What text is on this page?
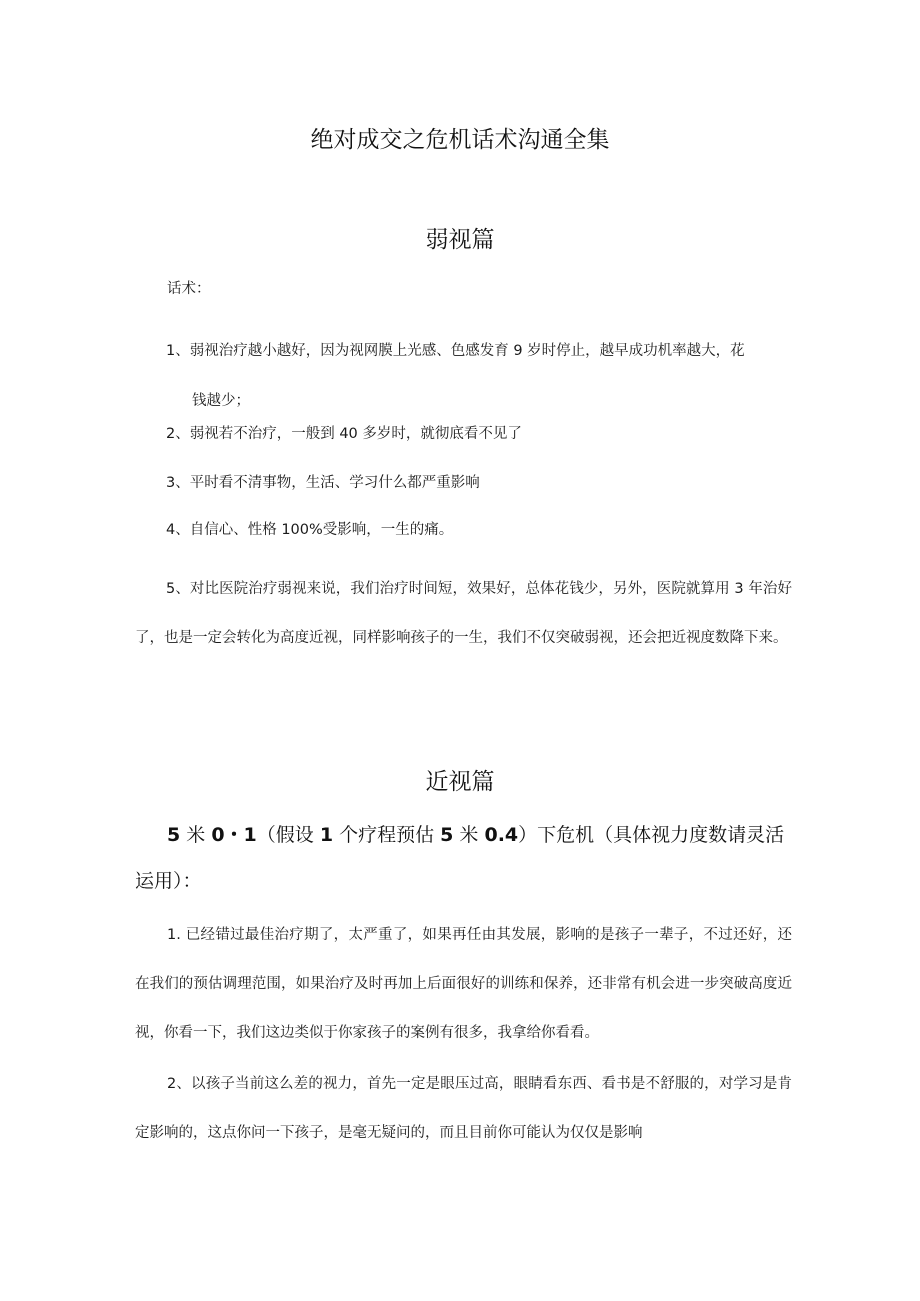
绝对成交之危机话术沟通全集
弱视篇

话术：

1、弱视治疗越小越好，因为视网膜上光感、色感发育 9 岁时停止，越早成功机率越大，花
钱越少；

2、弱视若不治疗，一般到 40 多岁时，就彻底看不见了

3、平时看不清事物，生活、学习什么都严重影响

4、自信心、性格 100%受影响，一生的痛。

5、对比医院治疗弱视来说，我们治疗时间短，效果好，总体花钱少，另外，医院就算用 3 年治好了，也是一定会转化为高度近视，同样影响孩子的一生，我们不仅突破弱视，还会把近视度数降下来。

近视篇
5 米 0・1（假设 1 个疗程预估 5 米 0.4）下危机（具体视力度数请灵活运用）：

1. 已经错过最佳治疗期了，太严重了，如果再任由其发展，影响的是孩子一辈子，不过还好，还在我们的预估调理范围，如果治疗及时再加上后面很好的训练和保养，还非常有机会进一步突破高度近视，你看一下，我们这边类似于你家孩子的案例有很多，我拿给你看看。

2、以孩子当前这么差的视力，首先一定是眼压过高，眼睛看东西、看书是不舒服的，对学习是肯定影响的，这点你问一下孩子，是毫无疑问的，而且目前你可能认为仅仅是影响
